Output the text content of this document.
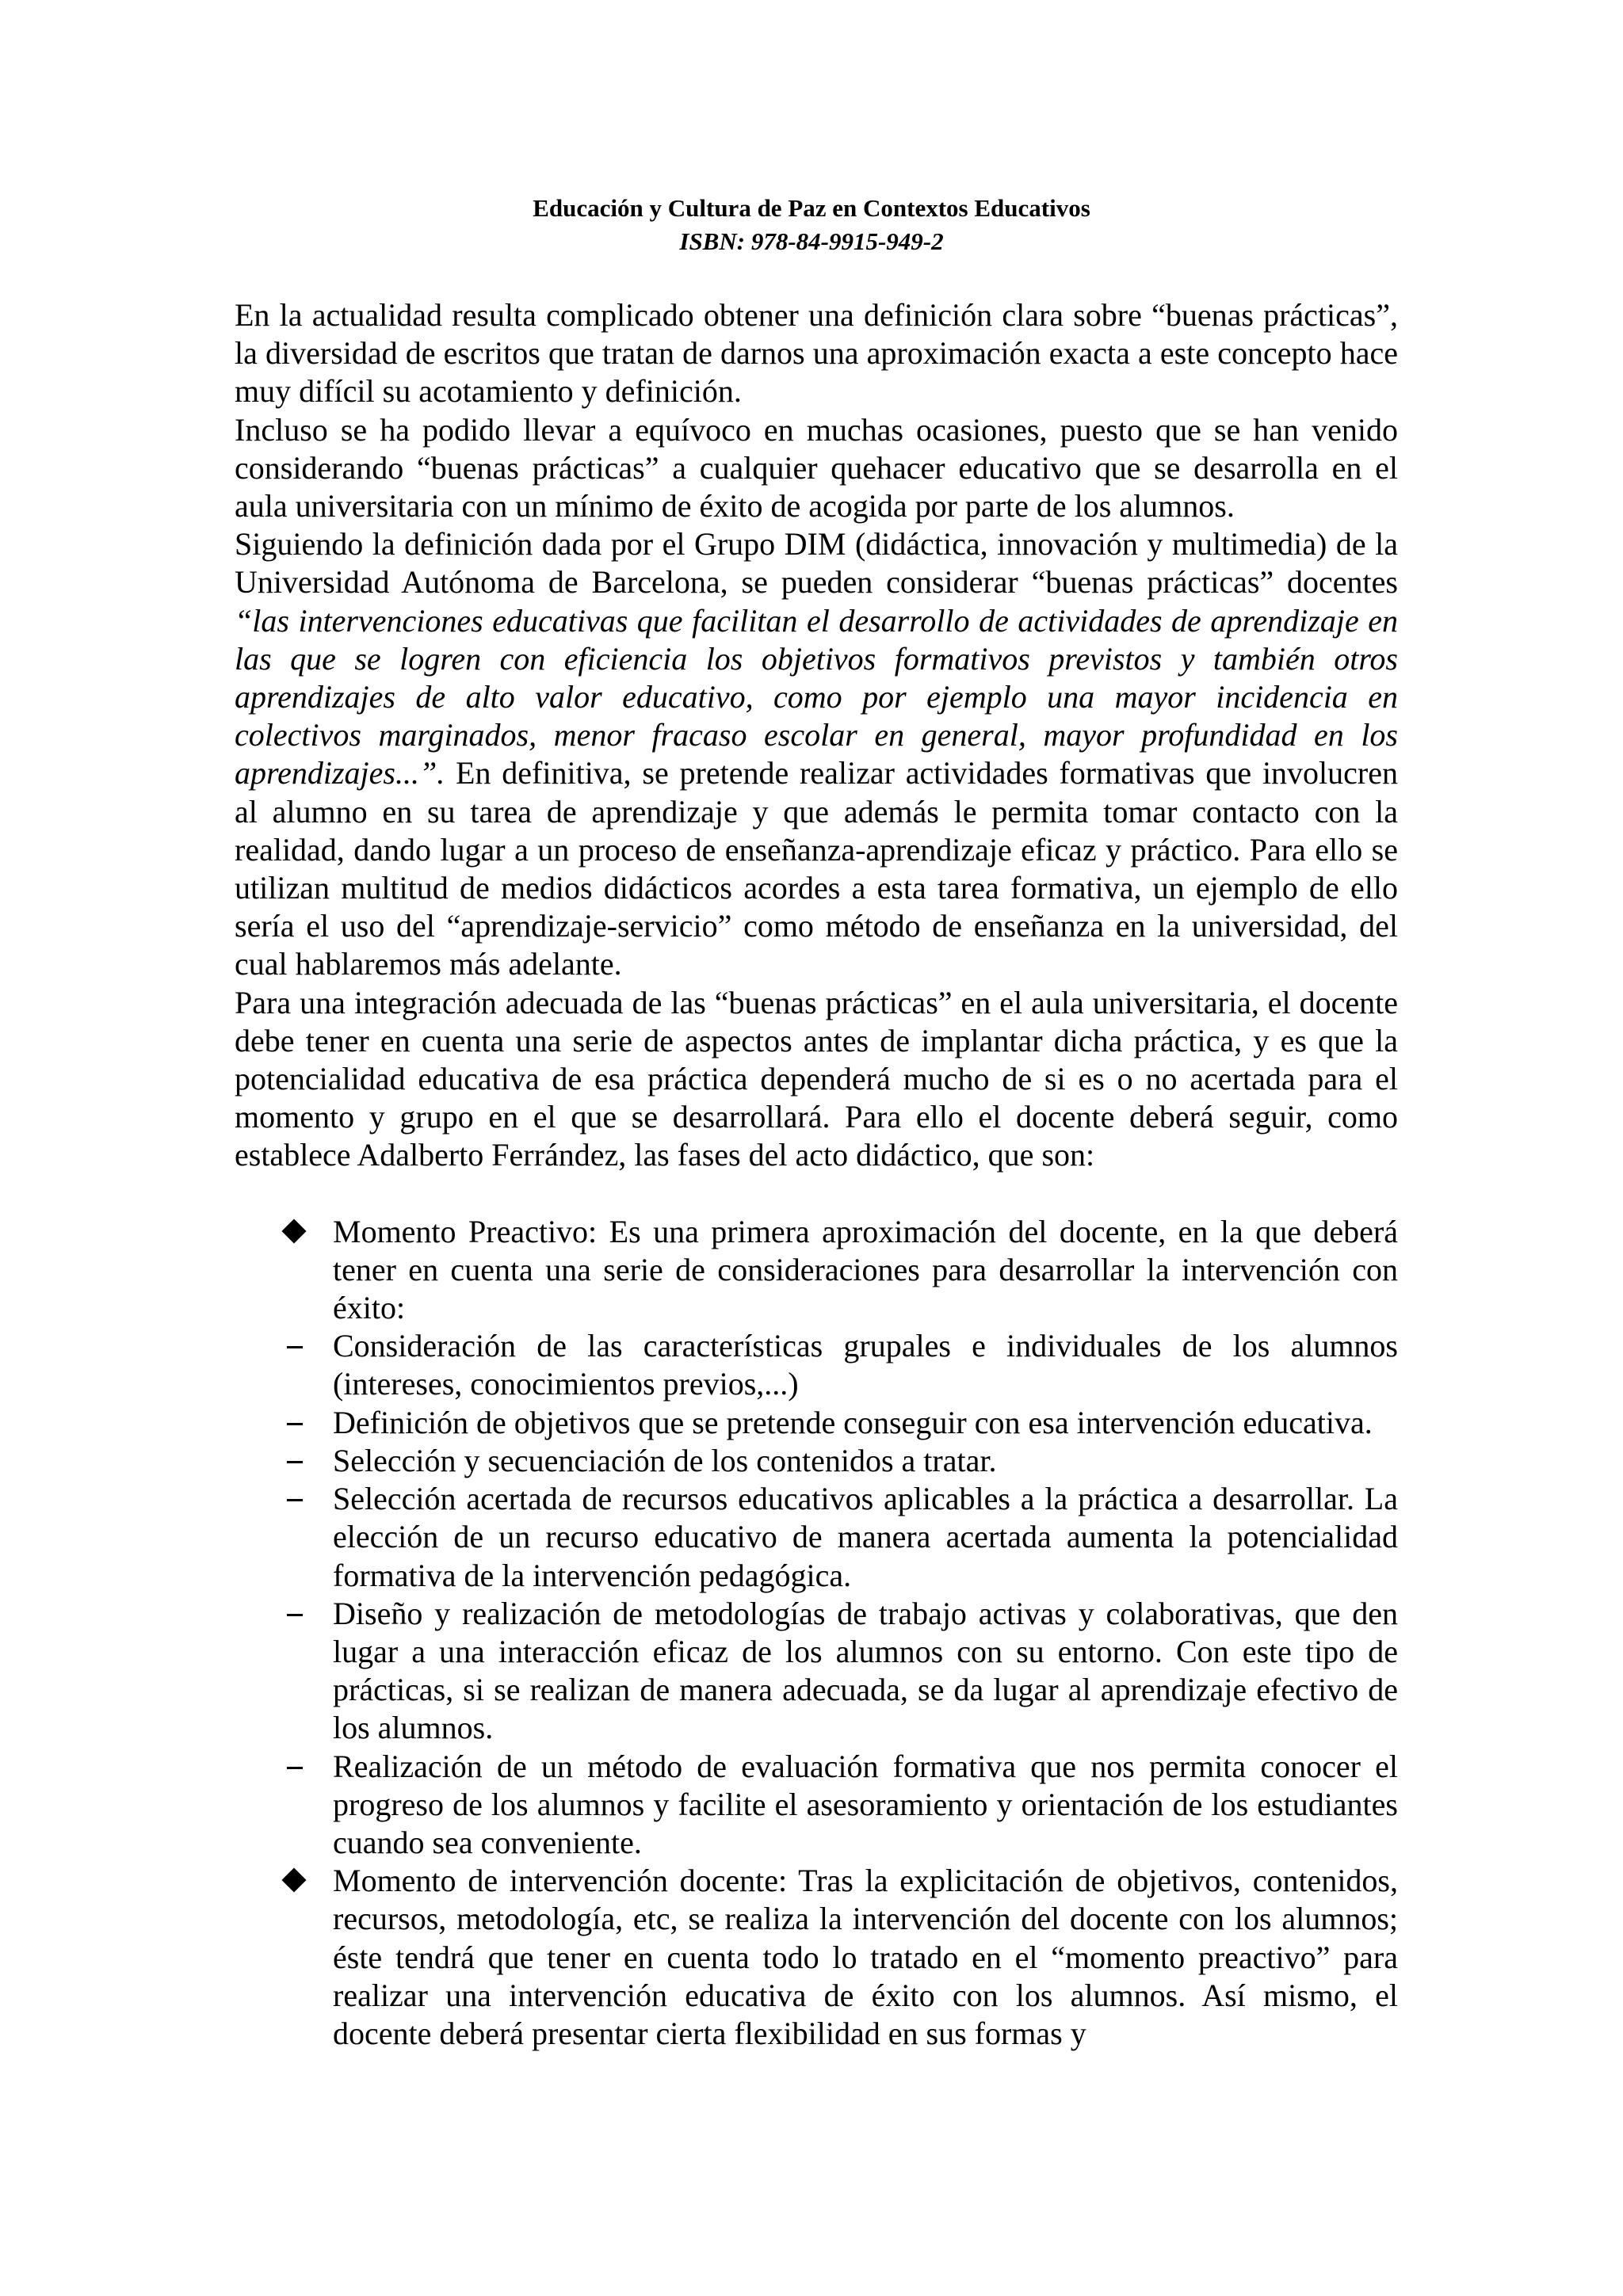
Educación y Cultura de Paz en Contextos Educativos
ISBN: 978-84-9915-949-2

En la actualidad resulta complicado obtener una definición clara sobre “buenas prácticas”, la diversidad de escritos que tratan de darnos una aproximación exacta a este concepto hace muy difícil su acotamiento y definición.

Incluso se ha podido llevar a equívoco en muchas ocasiones, puesto que se han venido considerando “buenas prácticas” a cualquier quehacer educativo que se desarrolla en el aula universitaria con un mínimo de éxito de acogida por parte de los alumnos.

Siguiendo la definición dada por el Grupo DIM (didáctica, innovación y multimedia) de la Universidad Autónoma de Barcelona, se pueden considerar “buenas prácticas” docentes “las intervenciones educativas que facilitan el desarrollo de actividades de aprendizaje en las que se logren con eficiencia los objetivos formativos previstos y también otros aprendizajes de alto valor educativo, como por ejemplo una mayor incidencia en colectivos marginados, menor fracaso escolar en general, mayor profundidad en los aprendizajes...”. En definitiva, se pretende realizar actividades formativas que involucren al alumno en su tarea de aprendizaje y que además le permita tomar contacto con la realidad, dando lugar a un proceso de enseñanza-aprendizaje eficaz y práctico. Para ello se utilizan multitud de medios didácticos acordes a esta tarea formativa, un ejemplo de ello sería el uso del “aprendizaje-servicio” como método de enseñanza en la universidad, del cual hablaremos más adelante.

Para una integración adecuada de las “buenas prácticas” en el aula universitaria, el docente debe tener en cuenta una serie de aspectos antes de implantar dicha práctica, y es que la potencialidad educativa de esa práctica dependerá mucho de si es o no acertada para el momento y grupo en el que se desarrollará. Para ello el docente deberá seguir, como establece Adalberto Ferrández, las fases del acto didáctico, que son:

Momento Preactivo: Es una primera aproximación del docente, en la que deberá tener en cuenta una serie de consideraciones para desarrollar la intervención con éxito:
Consideración de las características grupales e individuales de los alumnos (intereses, conocimientos previos,...)
Definición de objetivos que se pretende conseguir con esa intervención educativa.
Selección y secuenciación de los contenidos a tratar.
Selección acertada de recursos educativos aplicables a la práctica a desarrollar. La elección de un recurso educativo de manera acertada aumenta la potencialidad formativa de la intervención pedagógica.
Diseño y realización de metodologías de trabajo activas y colaborativas, que den lugar a una interacción eficaz de los alumnos con su entorno. Con este tipo de prácticas, si se realizan de manera adecuada, se da lugar al aprendizaje efectivo de los alumnos.
Realización de un método de evaluación formativa que nos permita conocer el progreso de los alumnos y facilite el asesoramiento y orientación de los estudiantes cuando sea conveniente.
Momento de intervención docente: Tras la explicitación de objetivos, contenidos, recursos, metodología, etc, se realiza la intervención del docente con los alumnos; éste tendrá que tener en cuenta todo lo tratado en el “momento preactivo” para realizar una intervención educativa de éxito con los alumnos. Así mismo, el docente deberá presentar cierta flexibilidad en sus formas y
